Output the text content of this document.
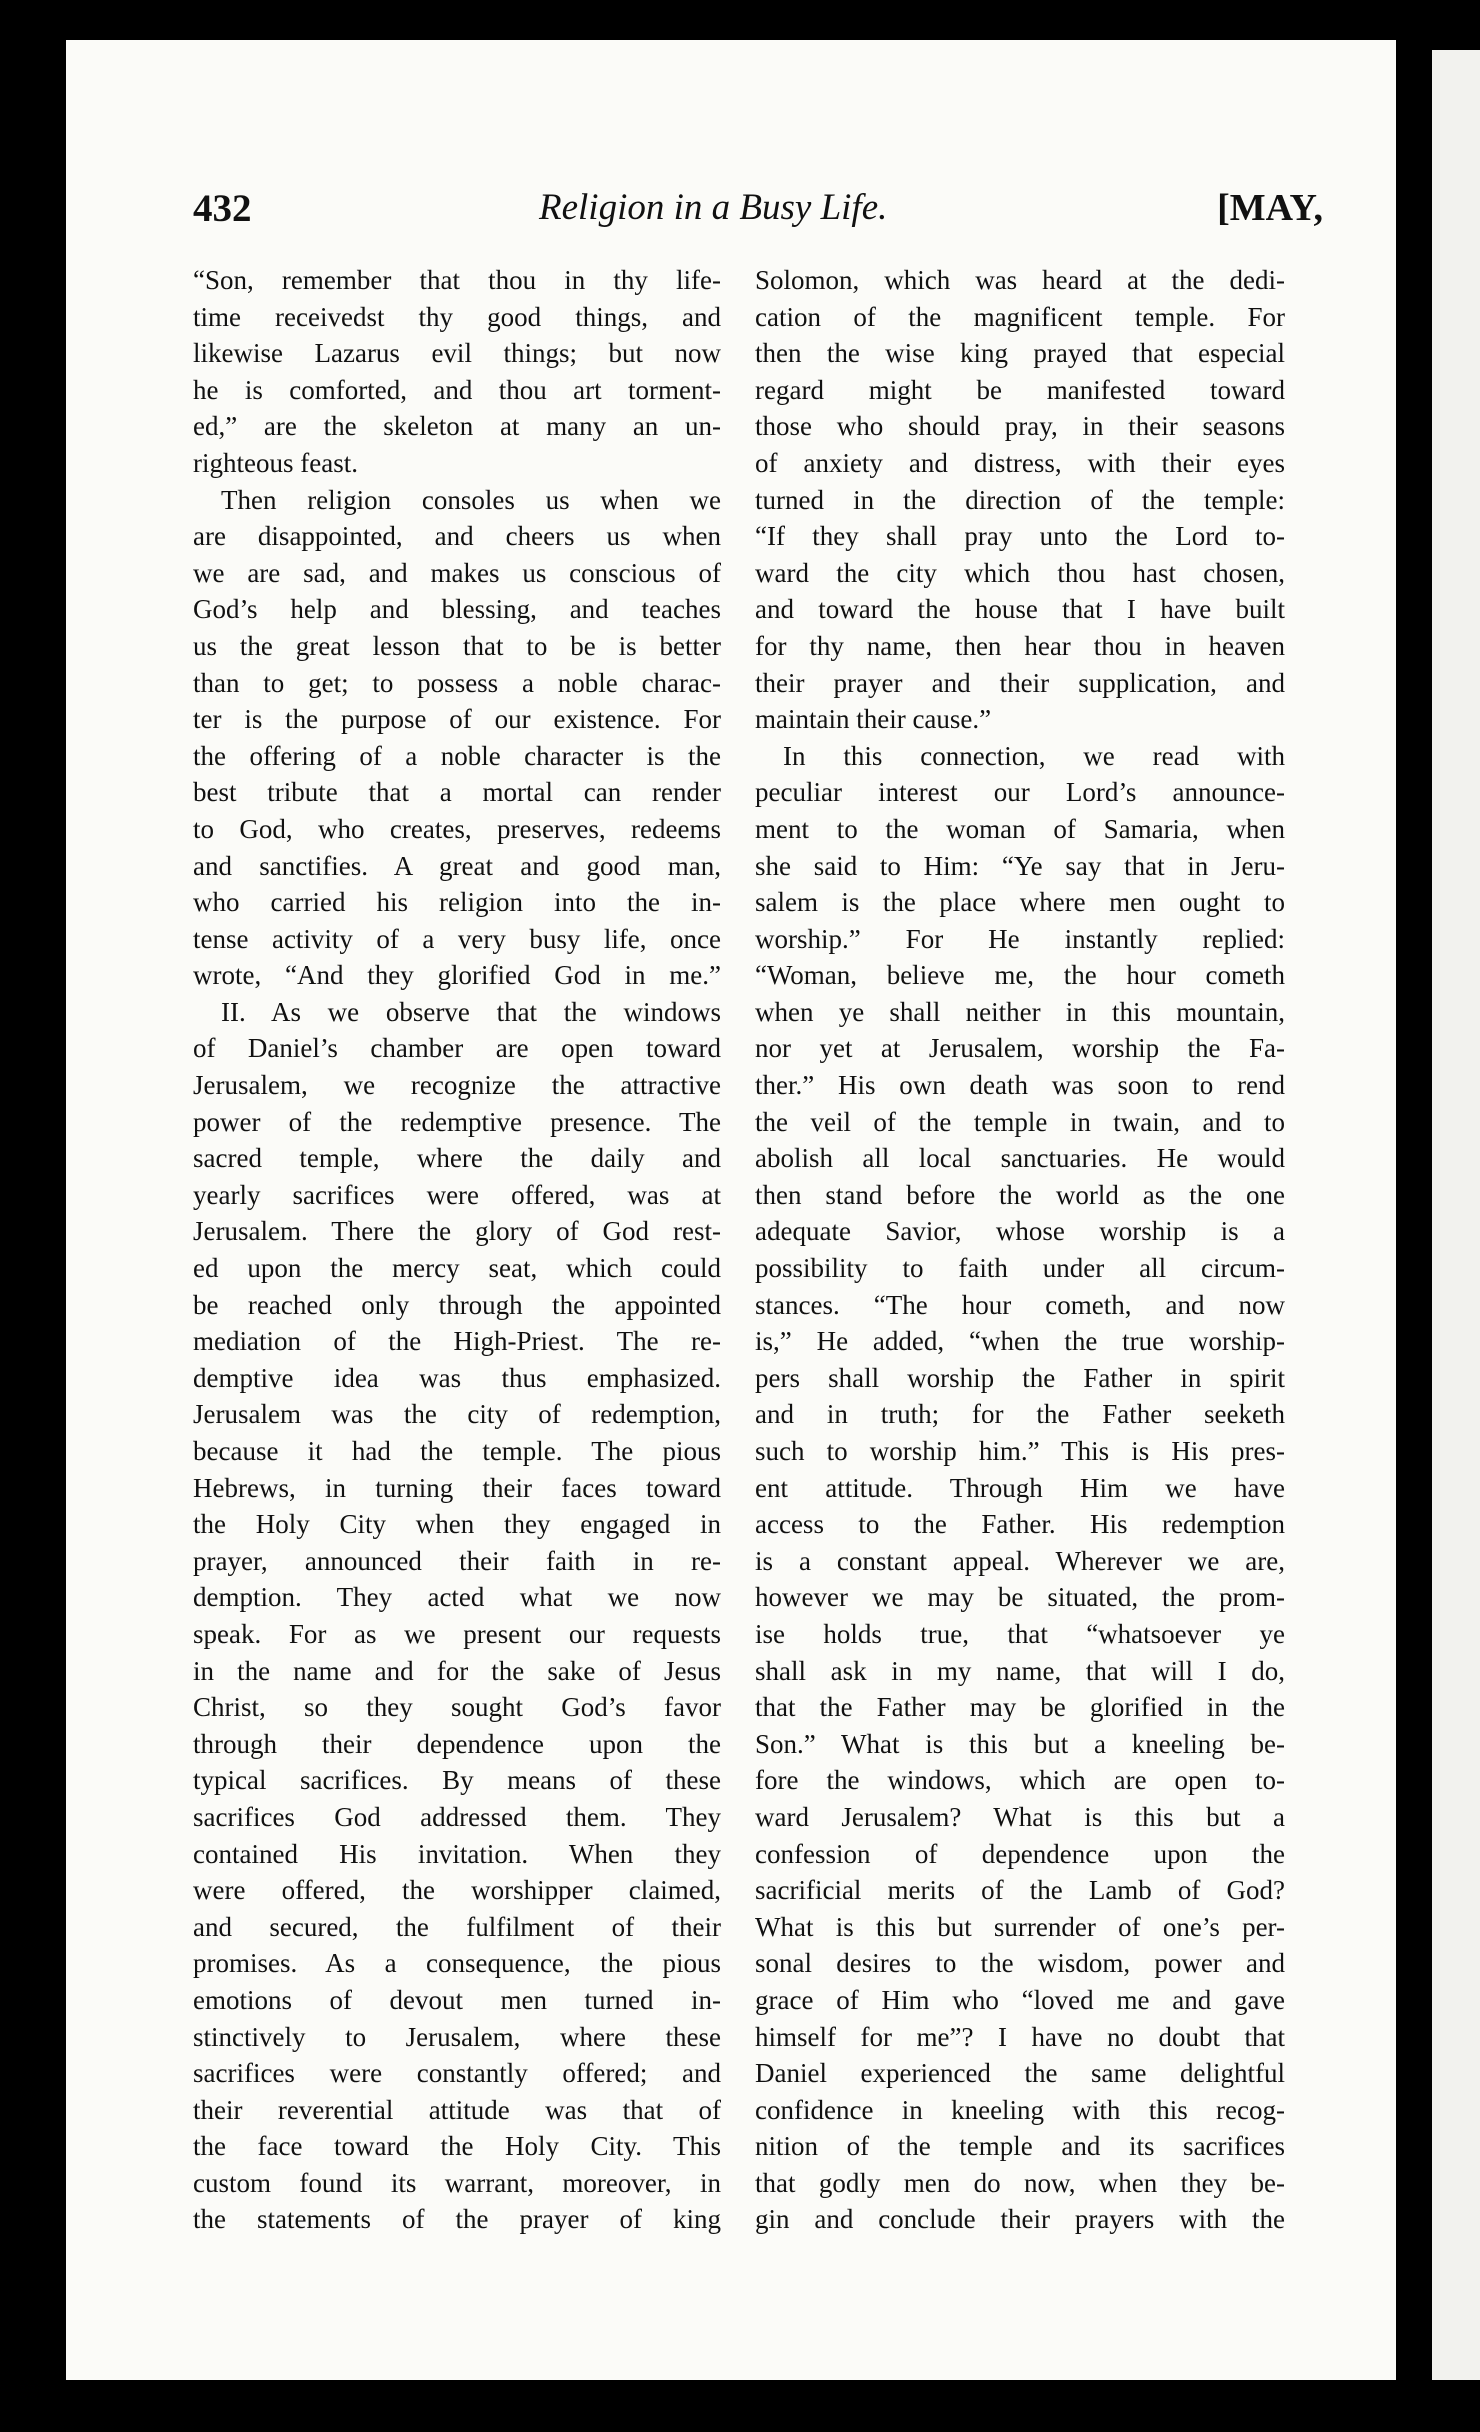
432	Religion in a Busy Life.	[MAY,
“Son, remember that thou in thy life-
time receivedst thy good things, and
likewise Lazarus evil things; but now
he is comforted, and thou art torment-
ed,” are the skeleton at many an un-
righteous feast.
Then religion consoles us when we
are disappointed, and cheers us when
we are sad, and makes us conscious of
God’s help and blessing, and teaches
us the great lesson that to be is better
than to get; to possess a noble charac-
ter is the purpose of our existence. For
the offering of a noble character is the
best tribute that a mortal can render
to God, who creates, preserves, redeems
and sanctifies. A great and good man,
who carried his religion into the in-
tense activity of a very busy life, once
wrote, “And they glorified God in me.”
II. As we observe that the windows
of Daniel’s chamber are open toward
Jerusalem, we recognize the attractive
power of the redemptive presence. The
sacred temple, where the daily and
yearly sacrifices were offered, was at
Jerusalem. There the glory of God rest-
ed upon the mercy seat, which could
be reached only through the appointed
mediation of the High-Priest. The re-
demptive idea was thus emphasized.
Jerusalem was the city of redemption,
because it had the temple. The pious
Hebrews, in turning their faces toward
the Holy City when they engaged in
prayer, announced their faith in re-
demption. They acted what we now
speak. For as we present our requests
in the name and for the sake of Jesus
Christ, so they sought God’s favor
through their dependence upon the
typical sacrifices. By means of these
sacrifices God addressed them. They
contained His invitation. When they
were offered, the worshipper claimed,
and secured, the fulfilment of their
promises. As a consequence, the pious
emotions of devout men turned in-
stinctively to Jerusalem, where these
sacrifices were constantly offered; and
their reverential attitude was that of
the face toward the Holy City. This
custom found its warrant, moreover, in
the statements of the prayer of king
Solomon, which was heard at the dedi-
cation of the magnificent temple. For
then the wise king prayed that especial
regard might be manifested toward
those who should pray, in their seasons
of anxiety and distress, with their eyes
turned in the direction of the temple:
“If they shall pray unto the Lord to-
ward the city which thou hast chosen,
and toward the house that I have built
for thy name, then hear thou in heaven
their prayer and their supplication, and
maintain their cause.”
In this connection, we read with
peculiar interest our Lord’s announce-
ment to the woman of Samaria, when
she said to Him: “Ye say that in Jeru-
salem is the place where men ought to
worship.” For He instantly replied:
“Woman, believe me, the hour cometh
when ye shall neither in this mountain,
nor yet at Jerusalem, worship the Fa-
ther.” His own death was soon to rend
the veil of the temple in twain, and to
abolish all local sanctuaries. He would
then stand before the world as the one
adequate Savior, whose worship is a
possibility to faith under all circum-
stances. “The hour cometh, and now
is,” He added, “when the true worship-
pers shall worship the Father in spirit
and in truth; for the Father seeketh
such to worship him.” This is His pres-
ent attitude. Through Him we have
access to the Father. His redemption
is a constant appeal. Wherever we are,
however we may be situated, the prom-
ise holds true, that “whatsoever ye
shall ask in my name, that will I do,
that the Father may be glorified in the
Son.” What is this but a kneeling be-
fore the windows, which are open to-
ward Jerusalem? What is this but a
confession of dependence upon the
sacrificial merits of the Lamb of God?
What is this but surrender of one’s per-
sonal desires to the wisdom, power and
grace of Him who “loved me and gave
himself for me”? I have no doubt that
Daniel experienced the same delightful
confidence in kneeling with this recog-
nition of the temple and its sacrifices
that godly men do now, when they be-
gin and conclude their prayers with the
